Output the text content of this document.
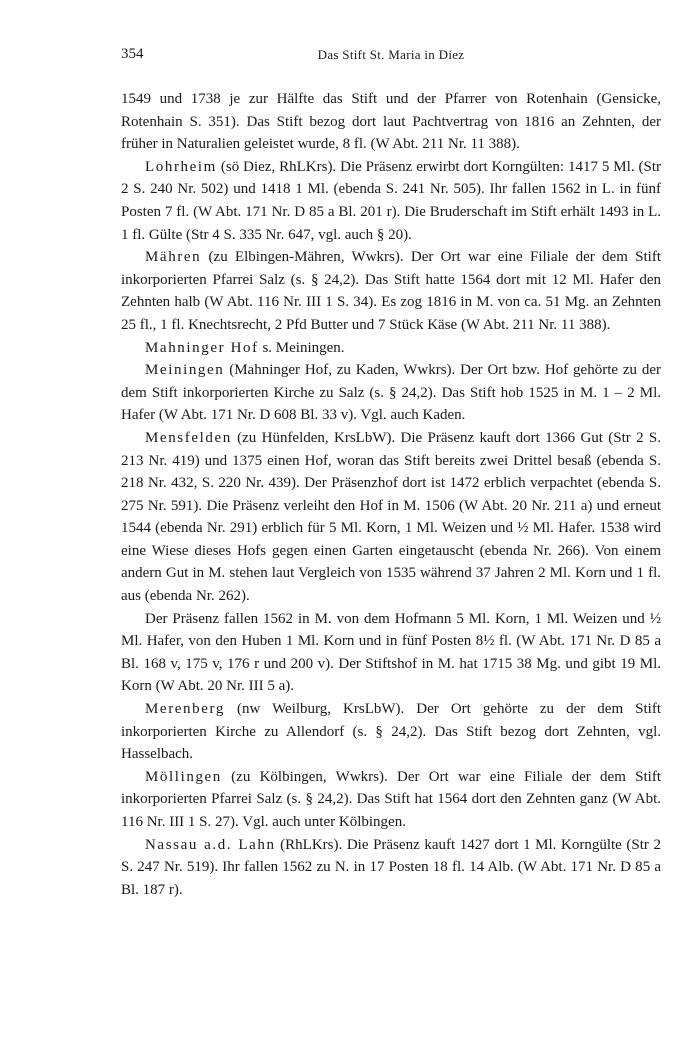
354	Das Stift St. Maria in Diez

1549 und 1738 je zur Hälfte das Stift und der Pfarrer von Rotenhain (Gensicke, Rotenhain S. 351). Das Stift bezog dort laut Pachtvertrag von 1816 an Zehnten, der früher in Naturalien geleistet wurde, 8 fl. (W Abt. 211 Nr. 11 388).

Lohrheim (sö Diez, RhLKrs). Die Präsenz erwirbt dort Korngülten: 1417 5 Ml. (Str 2 S. 240 Nr. 502) und 1418 1 Ml. (ebenda S. 241 Nr. 505). Ihr fallen 1562 in L. in fünf Posten 7 fl. (W Abt. 171 Nr. D 85 a Bl. 201 r). Die Bruderschaft im Stift erhält 1493 in L. 1 fl. Gülte (Str 4 S. 335 Nr. 647, vgl. auch § 20).

Mähren (zu Elbingen-Mähren, Wwkrs). Der Ort war eine Filiale der dem Stift inkorporierten Pfarrei Salz (s. § 24,2). Das Stift hatte 1564 dort mit 12 Ml. Hafer den Zehnten halb (W Abt. 116 Nr. III 1 S. 34). Es zog 1816 in M. von ca. 51 Mg. an Zehnten 25 fl., 1 fl. Knechtsrecht, 2 Pfd Butter und 7 Stück Käse (W Abt. 211 Nr. 11 388).

Mahninger Hof s. Meiningen.

Meiningen (Mahninger Hof, zu Kaden, Wwkrs). Der Ort bzw. Hof gehörte zu der dem Stift inkorporierten Kirche zu Salz (s. § 24,2). Das Stift hob 1525 in M. 1 – 2 Ml. Hafer (W Abt. 171 Nr. D 608 Bl. 33 v). Vgl. auch Kaden.

Mensfelden (zu Hünfelden, KrsLbW). Die Präsenz kauft dort 1366 Gut (Str 2 S. 213 Nr. 419) und 1375 einen Hof, woran das Stift bereits zwei Drittel besaß (ebenda S. 218 Nr. 432, S. 220 Nr. 439). Der Präsenzhof dort ist 1472 erblich verpachtet (ebenda S. 275 Nr. 591). Die Präsenz verleiht den Hof in M. 1506 (W Abt. 20 Nr. 211 a) und erneut 1544 (ebenda Nr. 291) erblich für 5 Ml. Korn, 1 Ml. Weizen und ½ Ml. Hafer. 1538 wird eine Wiese dieses Hofs gegen einen Garten eingetauscht (ebenda Nr. 266). Von einem andern Gut in M. stehen laut Vergleich von 1535 während 37 Jahren 2 Ml. Korn und 1 fl. aus (ebenda Nr. 262).

Der Präsenz fallen 1562 in M. von dem Hofmann 5 Ml. Korn, 1 Ml. Weizen und ½ Ml. Hafer, von den Huben 1 Ml. Korn und in fünf Posten 8½ fl. (W Abt. 171 Nr. D 85 a Bl. 168 v, 175 v, 176 r und 200 v). Der Stiftshof in M. hat 1715 38 Mg. und gibt 19 Ml. Korn (W Abt. 20 Nr. III 5 a).

Merenberg (nw Weilburg, KrsLbW). Der Ort gehörte zu der dem Stift inkorporierten Kirche zu Allendorf (s. § 24,2). Das Stift bezog dort Zehnten, vgl. Hasselbach.

Möllingen (zu Kölbingen, Wwkrs). Der Ort war eine Filiale der dem Stift inkorporierten Pfarrei Salz (s. § 24,2). Das Stift hat 1564 dort den Zehnten ganz (W Abt. 116 Nr. III 1 S. 27). Vgl. auch unter Kölbingen.

Nassau a.d. Lahn (RhLKrs). Die Präsenz kauft 1427 dort 1 Ml. Korngülte (Str 2 S. 247 Nr. 519). Ihr fallen 1562 zu N. in 17 Posten 18 fl. 14 Alb. (W Abt. 171 Nr. D 85 a Bl. 187 r).
